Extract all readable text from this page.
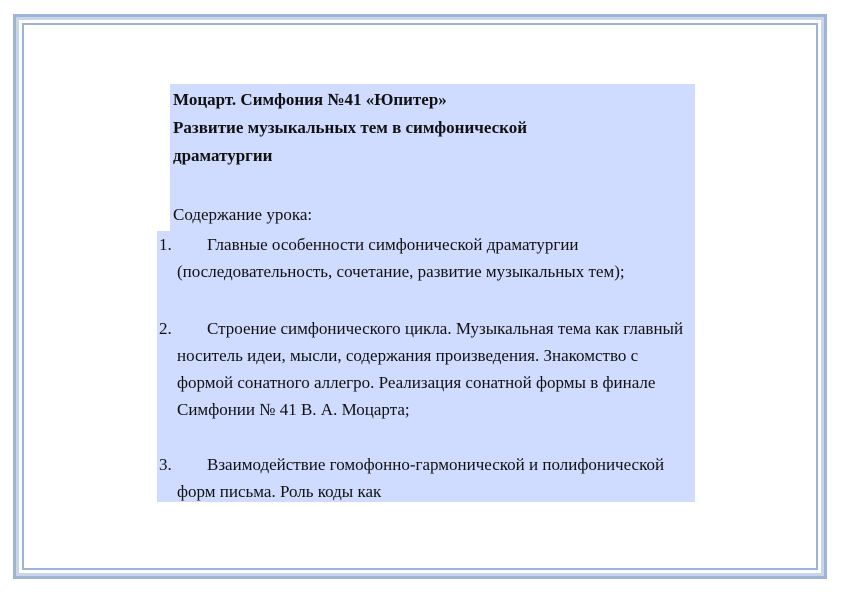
Моцарт. Симфония №41 «Юпитер»
Развитие музыкальных тем в симфонической
драматургии
Содержание урока:
1.	Главные особенности симфонической драматургии (последовательность, сочетание, развитие музыкальных тем);
2.	Строение симфонического цикла. Музыкальная тема как главный носитель идеи, мысли, содержания произведения. Знакомство с формой сонатного аллегро. Реализация сонатной формы в финале Симфонии № 41 В. А. Моцарта;
3.	Взаимодействие гомофонно-гармонической и полифонической форм письма. Роль коды как
